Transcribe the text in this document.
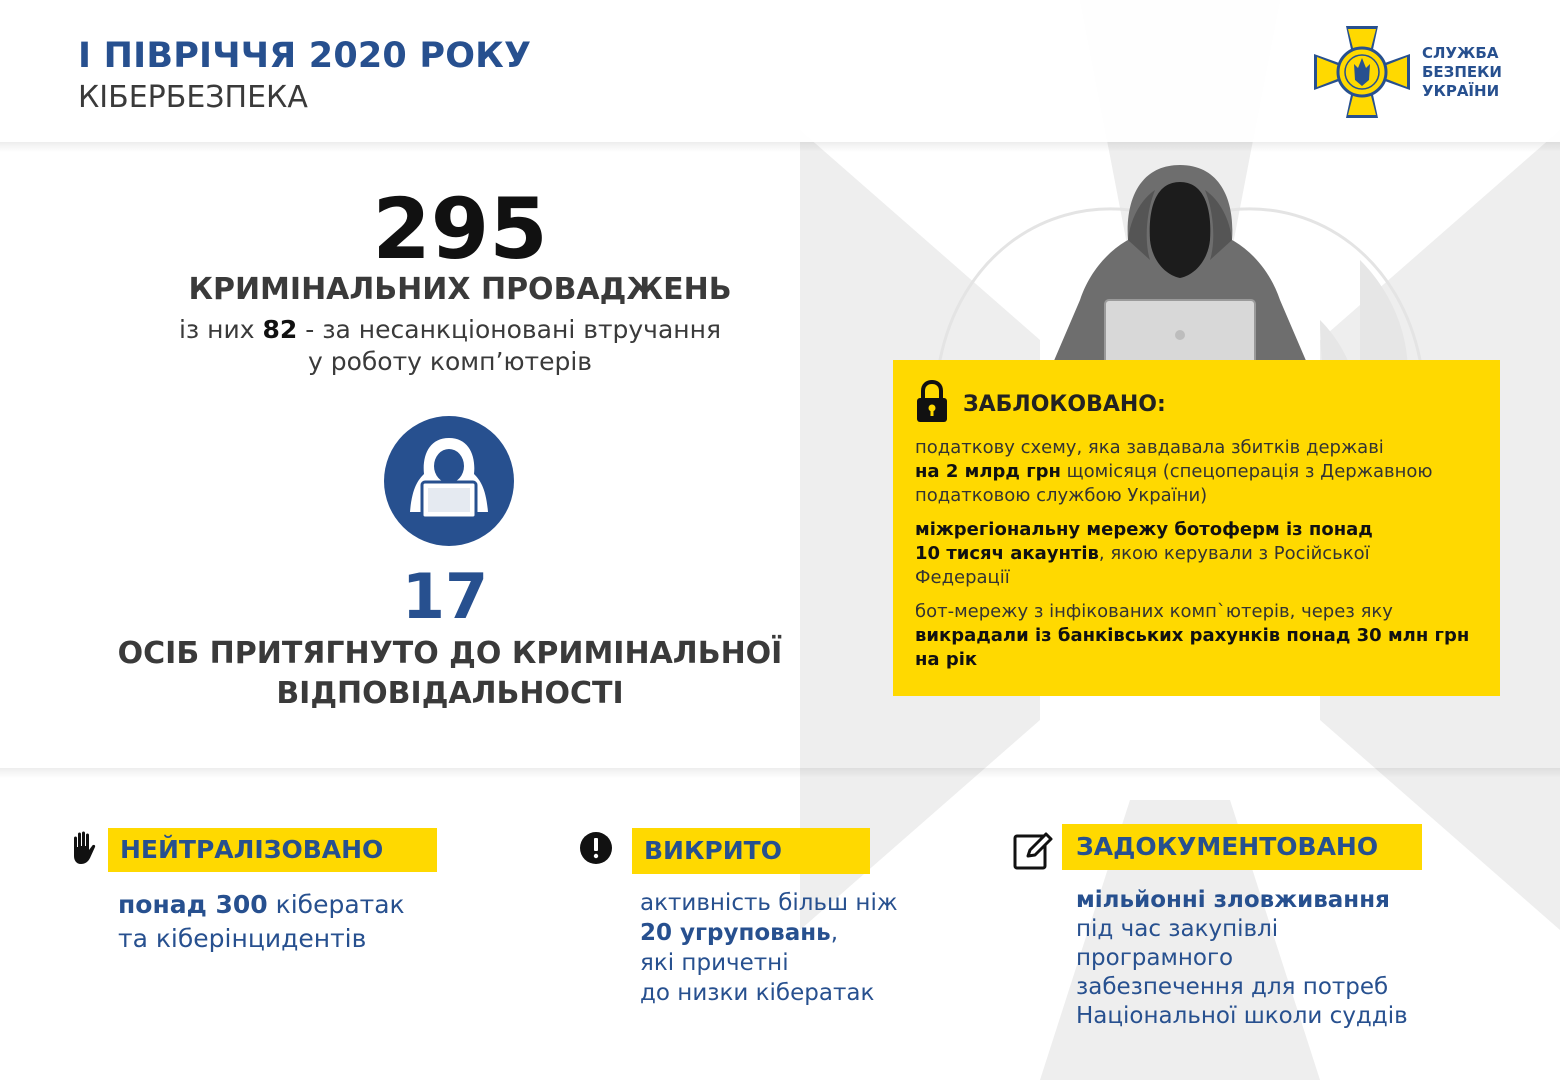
І ПІВРІЧЧЯ 2020 РОКУ
КІБЕРБЕЗПЕКА
СЛУЖБА
БЕЗПЕКИ
УКРАЇНИ
295
КРИМІНАЛЬНИХ ПРОВАДЖЕНЬ
із них 82 - за несанкціоновані втручання
у роботу комп’ютерів
17
ОСІБ ПРИТЯГНУТО ДО КРИМІНАЛЬНОЇ
ВІДПОВІДАЛЬНОСТІ
ЗАБЛОКОВАНО:
податкову схему, яка завдавала збитків державі
на 2 млрд грн щомісяця (спецоперація з Державною
податковою службою України)
міжрегіональну мережу ботоферм із понад
10 тисяч акаунтів, якою керували з Російської
Федерації
бот-мережу з інфікованих комп`ютерів, через яку
викрадали із банківських рахунків понад 30 млн грн
на рік
НЕЙТРАЛІЗОВАНО
понад 300 кібератак
та кіберінцидентів
ВИКРИТО
активність більш ніж
20 угруповань,
які причетні
до низки кібератак
ЗАДОКУМЕНТОВАНО
мільйонні зловживання
під час закупівлі
програмного
забезпечення для потреб
Національної школи суддів
